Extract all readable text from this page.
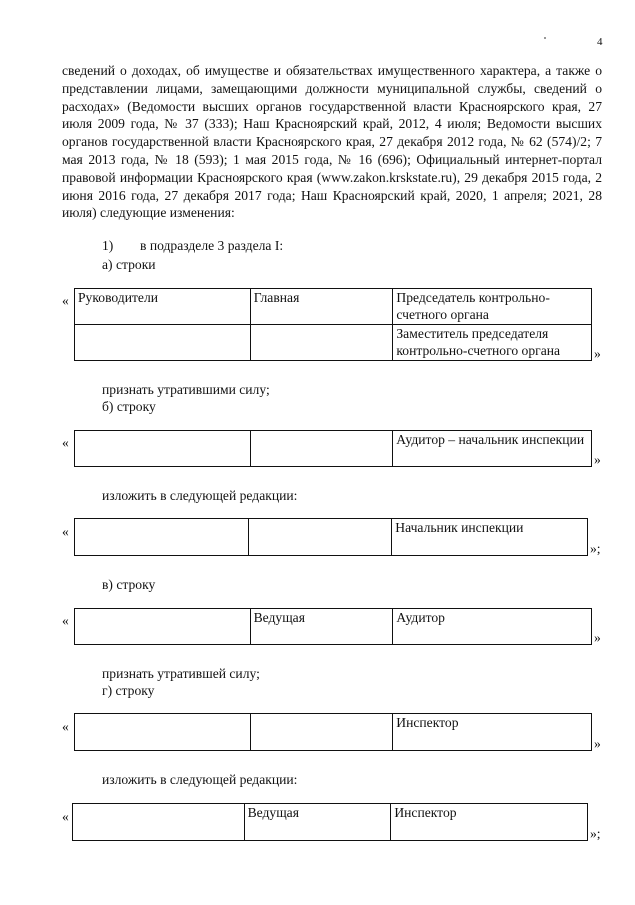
4

сведений о доходах, об имуществе и обязательствах имущественного характера, а также о представлении лицами, замещающими должности муниципальной службы, сведений о расходах» (Ведомости высших органов государственной власти Красноярского края, 27 июля 2009 года, № 37 (333); Наш Красноярский край, 2012, 4 июля; Ведомости высших органов государственной власти Красноярского края, 27 декабря 2012 года, № 62 (574)/2; 7 мая 2013 года, № 18 (593); 1 мая 2015 года, № 16 (696); Официальный интернет-портал правовой информации Красноярского края (www.zakon.krskstate.ru), 29 декабря 2015 года, 2 июня 2016 года, 27 декабря 2017 года; Наш Красноярский край, 2020, 1 апреля; 2021, 28 июля) следующие изменения:

1) в подразделе 3 раздела I:
а) строки
« Руководители	Главная	Председатель контрольно-счетного органа
		Заместитель председателя контрольно-счетного органа »
признать утратившими силу;
б) строку
«
			Аудитор – начальник инспекции
»
изложить в следующей редакции:
«
			Начальник инспекции
»;
в) строку
«
		Ведущая	Аудитор
»
признать утратившей силу;
г) строку
«
			Инспектор
»
изложить в следующей редакции:
«
		Ведущая	Инспектор
»;
